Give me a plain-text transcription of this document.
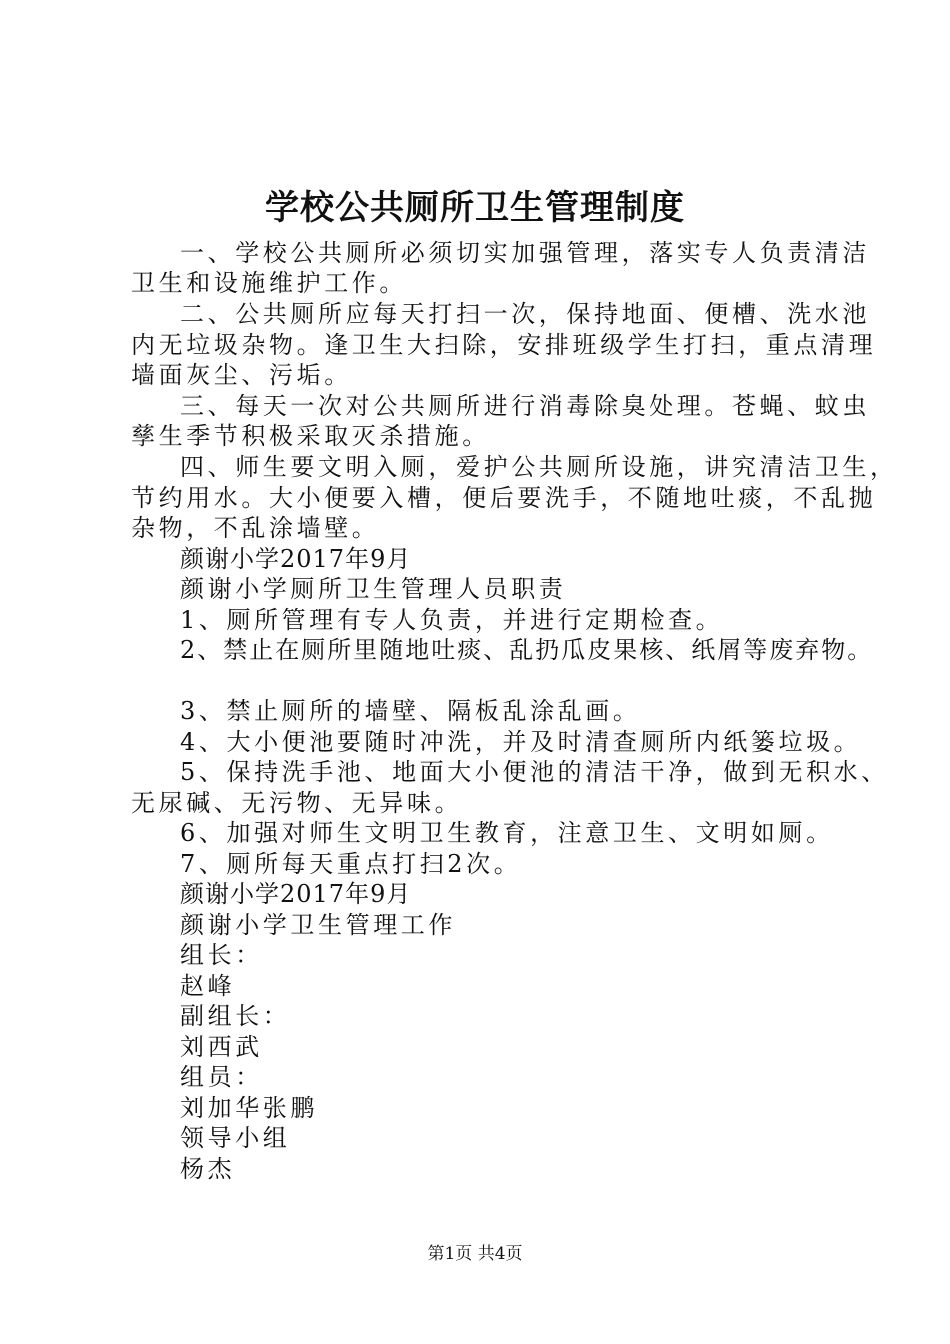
学校公共厕所卫生管理制度
一、学校公共厕所必须切实加强管理，落实专人负责清洁
卫生和设施维护工作。
二、公共厕所应每天打扫一次，保持地面、便槽、洗水池
内无垃圾杂物。逢卫生大扫除，安排班级学生打扫，重点清理
墙面灰尘、污垢。
三、每天一次对公共厕所进行消毒除臭处理。苍蝇、蚊虫
孳生季节积极采取灭杀措施。
四、师生要文明入厕，爱护公共厕所设施，讲究清洁卫生，
节约用水。大小便要入槽，便后要洗手，不随地吐痰，不乱抛
杂物，不乱涂墙壁。
颜谢小学2017年9月
颜谢小学厕所卫生管理人员职责
1、厕所管理有专人负责，并进行定期检查。
2、禁止在厕所里随地吐痰、乱扔瓜皮果核、纸屑等废弃物。
3、禁止厕所的墙壁、隔板乱涂乱画。
4、大小便池要随时冲洗，并及时清查厕所内纸篓垃圾。
5、保持洗手池、地面大小便池的清洁干净，做到无积水、
无尿碱、无污物、无异味。
6、加强对师生文明卫生教育，注意卫生、文明如厕。
7、厕所每天重点打扫2次。
颜谢小学2017年9月
颜谢小学卫生管理工作
组长：
赵峰
副组长：
刘西武
组员：
刘加华张鹏
领导小组
杨杰
第1页 共4页
